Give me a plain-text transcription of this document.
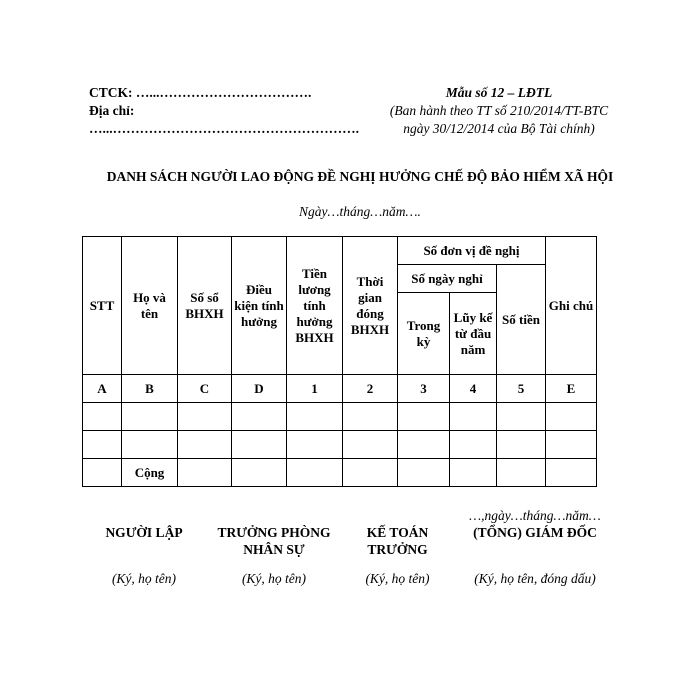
CTCK: …...…………………………….
Địa chỉ:
…...……………………………………………….
Mẫu số 12 – LĐTL
(Ban hành theo TT số 210/2014/TT-BTC
ngày 30/12/2014 của Bộ Tài chính)
DANH SÁCH NGƯỜI LAO ĐỘNG ĐỀ NGHỊ HƯỞNG CHẾ ĐỘ BẢO HIỂM XÃ HỘI
Ngày…tháng…năm….
STT	Họ và tên	Số sổ BHXH	Điều kiện tính hưởng	Tiền lương tính hưởng BHXH	Thời gian đóng BHXH	Số đơn vị đề nghị			Ghi chú
						Số ngày nghỉ		Số tiền	
						Trong kỳ	Lũy kế từ đầu năm		
A	B	C	D	1	2	3	4	5	E

	Cộng								
…,ngày…tháng…năm…
NGƯỜI LẬP
(Ký, họ tên)
TRƯỞNG PHÒNG NHÂN SỰ
(Ký, họ tên)
KẾ TOÁN TRƯỞNG
(Ký, họ tên)
(TỔNG) GIÁM ĐỐC
(Ký, họ tên, đóng dấu)
